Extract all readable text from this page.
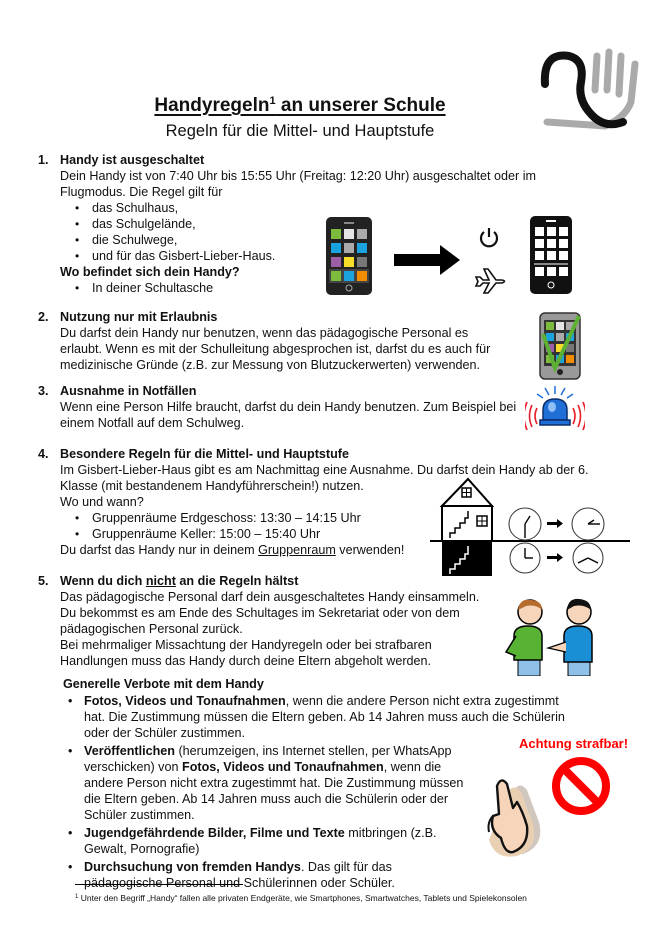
Handyregeln$^1$ an unserer Schule
Regeln für die Mittel- und Hauptstufe
1. Handy ist ausgeschaltet
Dein Handy ist von 7:40 Uhr bis 15:55 Uhr (Freitag: 12:20 Uhr) ausgeschaltet oder im
Flugmodus. Die Regel gilt für
• das Schulhaus,
• das Schulgelände,
• die Schulwege,
• und für das Gisbert-Lieber-Haus.
Wo befindet sich dein Handy?
• In deiner Schultasche
2. Nutzung nur mit Erlaubnis
Du darfst dein Handy nur benutzen, wenn das pädagogische Personal es
erlaubt. Wenn es mit der Schulleitung abgesprochen ist, darfst du es auch für
medizinische Gründe (z.B. zur Messung von Blutzuckerwerten) verwenden.
3. Ausnahme in Notfällen
Wenn eine Person Hilfe braucht, darfst du dein Handy benutzen. Zum Beispiel bei
einem Notfall auf dem Schulweg.
4. Besondere Regeln für die Mittel- und Hauptstufe
Im Gisbert-Lieber-Haus gibt es am Nachmittag eine Ausnahme. Du darfst dein Handy ab der 6.
Klasse (mit bestandenem Handyführerschein!) nutzen.
Wo und wann?
• Gruppenräume Erdgeschoss: 13:30 – 14:15 Uhr
• Gruppenräume Keller: 15:00 – 15:40 Uhr
Du darfst das Handy nur in deinem Gruppenraum verwenden!
5. Wenn du dich nicht an die Regeln hältst
Das pädagogische Personal darf dein ausgeschaltetes Handy einsammeln.
Du bekommst es am Ende des Schultages im Sekretariat oder von dem
pädagogischen Personal zurück.
Bei mehrmaliger Missachtung der Handyregeln oder bei strafbaren
Handlungen muss das Handy durch deine Eltern abgeholt werden.
Generelle Verbote mit dem Handy
• Fotos, Videos und Tonaufnahmen, wenn die andere Person nicht extra zugestimmt hat. Die Zustimmung müssen die Eltern geben. Ab 14 Jahren muss auch die Schülerin oder der Schüler zustimmen.
• Veröffentlichen (herumzeigen, ins Internet stellen, per WhatsApp verschicken) von Fotos, Videos und Tonaufnahmen, wenn die andere Person nicht extra zugestimmt hat. Die Zustimmung müssen die Eltern geben. Ab 14 Jahren muss auch die Schülerin oder der Schüler zustimmen.
• Jugendgefährdende Bilder, Filme und Texte mitbringen (z.B. Gewalt, Pornografie)
• Durchsuchung von fremden Handys. Das gilt für das pädagogische Personal und Schülerinnen oder Schüler.
Achtung strafbar!
$^1$ Unter den Begriff „Handy“ fallen alle privaten Endgeräte, wie Smartphones, Smartwatches, Tablets und Spielekonsolen
